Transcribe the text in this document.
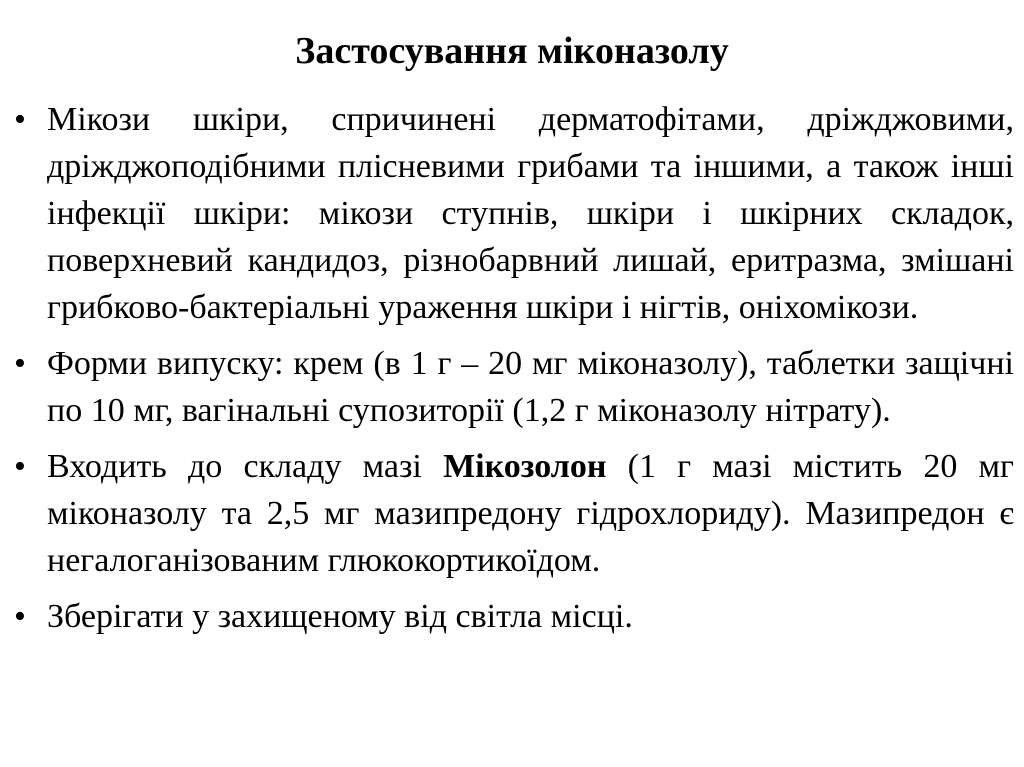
Застосування міконазолу
• Мікози шкіри, спричинені дерматофітами, дріжджовими, дріжджоподібними плісневими грибами та іншими, а також інші інфекції шкіри: мікози ступнів, шкіри і шкірних складок, поверхневий кандидоз, різнобарвний лишай, еритразма, змішані грибково-бактеріальні ураження шкіри і нігтів, оніхомікози.
• Форми випуску: крем (в 1 г – 20 мг міконазолу), таблетки защічні по 10 мг, вагінальні супозиторії (1,2 г міконазолу нітрату).
• Входить до складу мазі Мікозолон (1 г мазі містить 20 мг міконазолу та 2,5 мг мазипредону гідрохлориду). Мазипредон є негалоганізованим глюкокортикоїдом.
• Зберігати у захищеному від світла місці.
